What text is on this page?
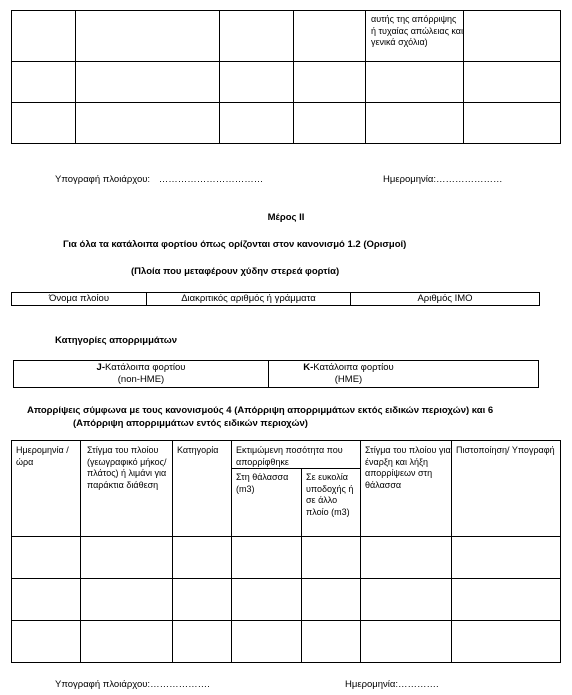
				αυτής της απόρριψης ή τυχαίας απώλειας και γενικά σχόλια)	

Υπογραφή πλοιάρχου: ……………………………	Ημερομηνία:…………………
Μέρος ΙΙ
Για όλα τα κατάλοιπα φορτίου όπως ορίζονται στον κανονισμό 1.2 (Ορισμοί)
(Πλοία που μεταφέρουν χύδην στερεά φορτία)
Όνομα πλοίου	Διακριτικός αριθμός ή γράμματα	Αριθμός IMO
Κατηγορίες απορριμμάτων
J-Κατάλοιπα φορτίου
(non-HME)

K-Κατάλοιπα φορτίου
(HME)
Απορρίψεις σύμφωνα με τους κανονισμούς 4 (Απόρριψη απορριμμάτων εκτός ειδικών περιοχών) και 6
(Απόρριψη απορριμμάτων εντός ειδικών περιοχών)
Ημερομηνία / ώρα	Στίγμα του πλοίου (γεωγραφικό μήκος/πλάτος) ή λιμάνι για παράκτια διάθεση	Κατηγορία	Εκτιμώμενη ποσότητα που απορρίφθηκε		Στίγμα του πλοίου για έναρξη και λήξη απορρίψεων στη θάλασσα	Πιστοποίηση/ Υπογραφή

			Στη θάλασσα (m3)	Σε ευκολία υποδοχής ή σε άλλο πλοίο (m3)		

Υπογραφή πλοιάρχου:……………….	Ημερομηνία:………….
